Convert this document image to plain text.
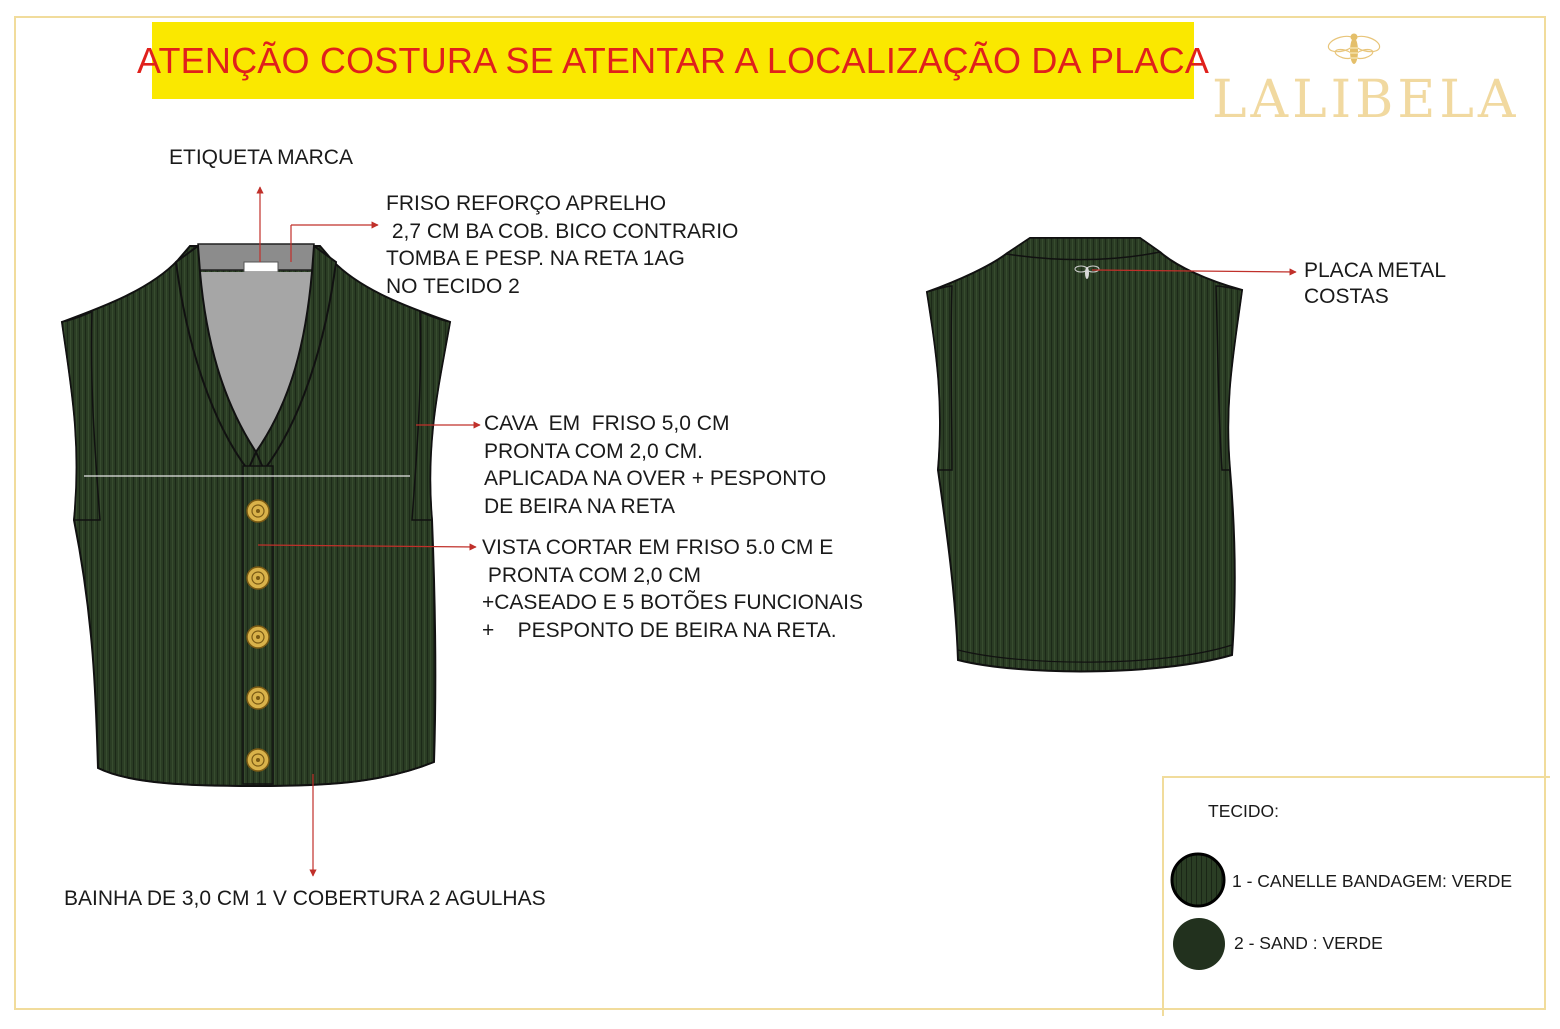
ATENÇÃO COSTURA SE ATENTAR A LOCALIZAÇÃO DA PLACA
LALIBELA
ETIQUETA MARCA
FRISO REFORÇO APRELHO
2,7 CM BA COB. BICO CONTRARIO
TOMBA E PESP. NA RETA 1AG
NO TECIDO 2
CAVA  EM  FRISO 5,0 CM
PRONTA COM 2,0 CM.
APLICADA NA OVER + PESPONTO
DE BEIRA NA RETA
VISTA CORTAR EM FRISO 5.0 CM E
PRONTA COM 2,0 CM
+CASEADO E 5 BOTÕES FUNCIONAIS
+    PESPONTO DE BEIRA NA RETA.
PLACA METAL
COSTAS
BAINHA DE 3,0 CM 1 V COBERTURA 2 AGULHAS
TECIDO:
1 - CANELLE BANDAGEM: VERDE
2 - SAND : VERDE
